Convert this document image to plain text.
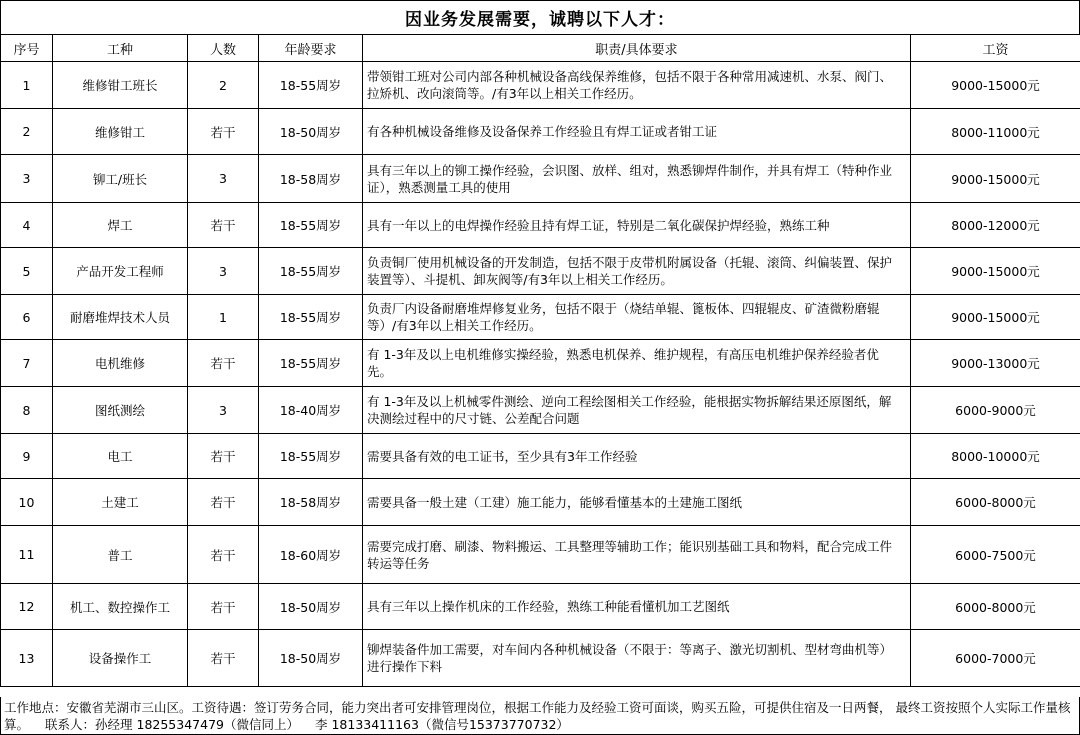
因业务发展需要，诚聘以下人才：
序号	工种	人数	年龄要求	职责/具体要求	工资
1	维修钳工班长	2	18-55周岁	带领钳工班对公司内部各种机械设备高线保养维修，包括不限于各种常用减速机、水泵、阀门、拉矫机、改向滚筒等。/有3年以上相关工作经历。	9000-15000元
2	维修钳工	若干	18-50周岁	有各种机械设备维修及设备保养工作经验且有焊工证或者钳工证	8000-11000元
3	铆工/班长	3	18-58周岁	具有三年以上的铆工操作经验，会识图、放样、组对，熟悉铆焊件制作，并具有焊工（特种作业证），熟悉测量工具的使用	9000-15000元
4	焊工	若干	18-55周岁	具有一年以上的电焊操作经验且持有焊工证，特别是二氧化碳保护焊经验，熟练工种	8000-12000元
5	产品开发工程师	3	18-55周岁	负责铜厂使用机械设备的开发制造，包括不限于皮带机附属设备（托辊、滚筒、纠偏装置、保护装置等）、斗提机、卸灰阀等/有3年以上相关工作经历。	9000-15000元
6	耐磨堆焊技术人员	1	18-55周岁	负责厂内设备耐磨堆焊修复业务，包括不限于（烧结单辊、篦板体、四辊辊皮、矿渣微粉磨辊等）/有3年以上相关工作经历。	9000-15000元
7	电机维修	若干	18-55周岁	有 1-3年及以上电机维修实操经验，熟悉电机保养、维护规程，有高压电机维护保养经验者优先。	9000-13000元
8	图纸测绘	3	18-40周岁	有 1-3年及以上机械零件测绘、逆向工程绘图相关工作经验，能根据实物拆解结果还原图纸，解决测绘过程中的尺寸链、公差配合问题	6000-9000元
9	电工	若干	18-55周岁	需要具备有效的电工证书，至少具有3年工作经验	8000-10000元
10	土建工	若干	18-58周岁	需要具备一般土建（工建）施工能力，能够看懂基本的土建施工图纸	6000-8000元
11	普工	若干	18-60周岁	需要完成打磨、刷漆、物料搬运、工具整理等辅助工作；能识别基础工具和物料，配合完成工件转运等任务	6000-7500元
12	机工、数控操作工	若干	18-50周岁	具有三年以上操作机床的工作经验，熟练工种能看懂机加工艺图纸	6000-8000元
13	设备操作工	若干	18-50周岁	铆焊装备件加工需要，对车间内各种机械设备（不限于：等离子、激光切割机、型材弯曲机等）进行操作下料	6000-7000元
工作地点：安徽省芜湖市三山区。工资待遇：签订劳务合同，能力突出者可安排管理岗位，根据工作能力及经验工资可面谈，购买五险，可提供住宿及一日两餐， 最终工资按照个人实际工作量核算。 联系人：孙经理 18255347479（微信同上） 李 18133411163（微信号15373770732）
